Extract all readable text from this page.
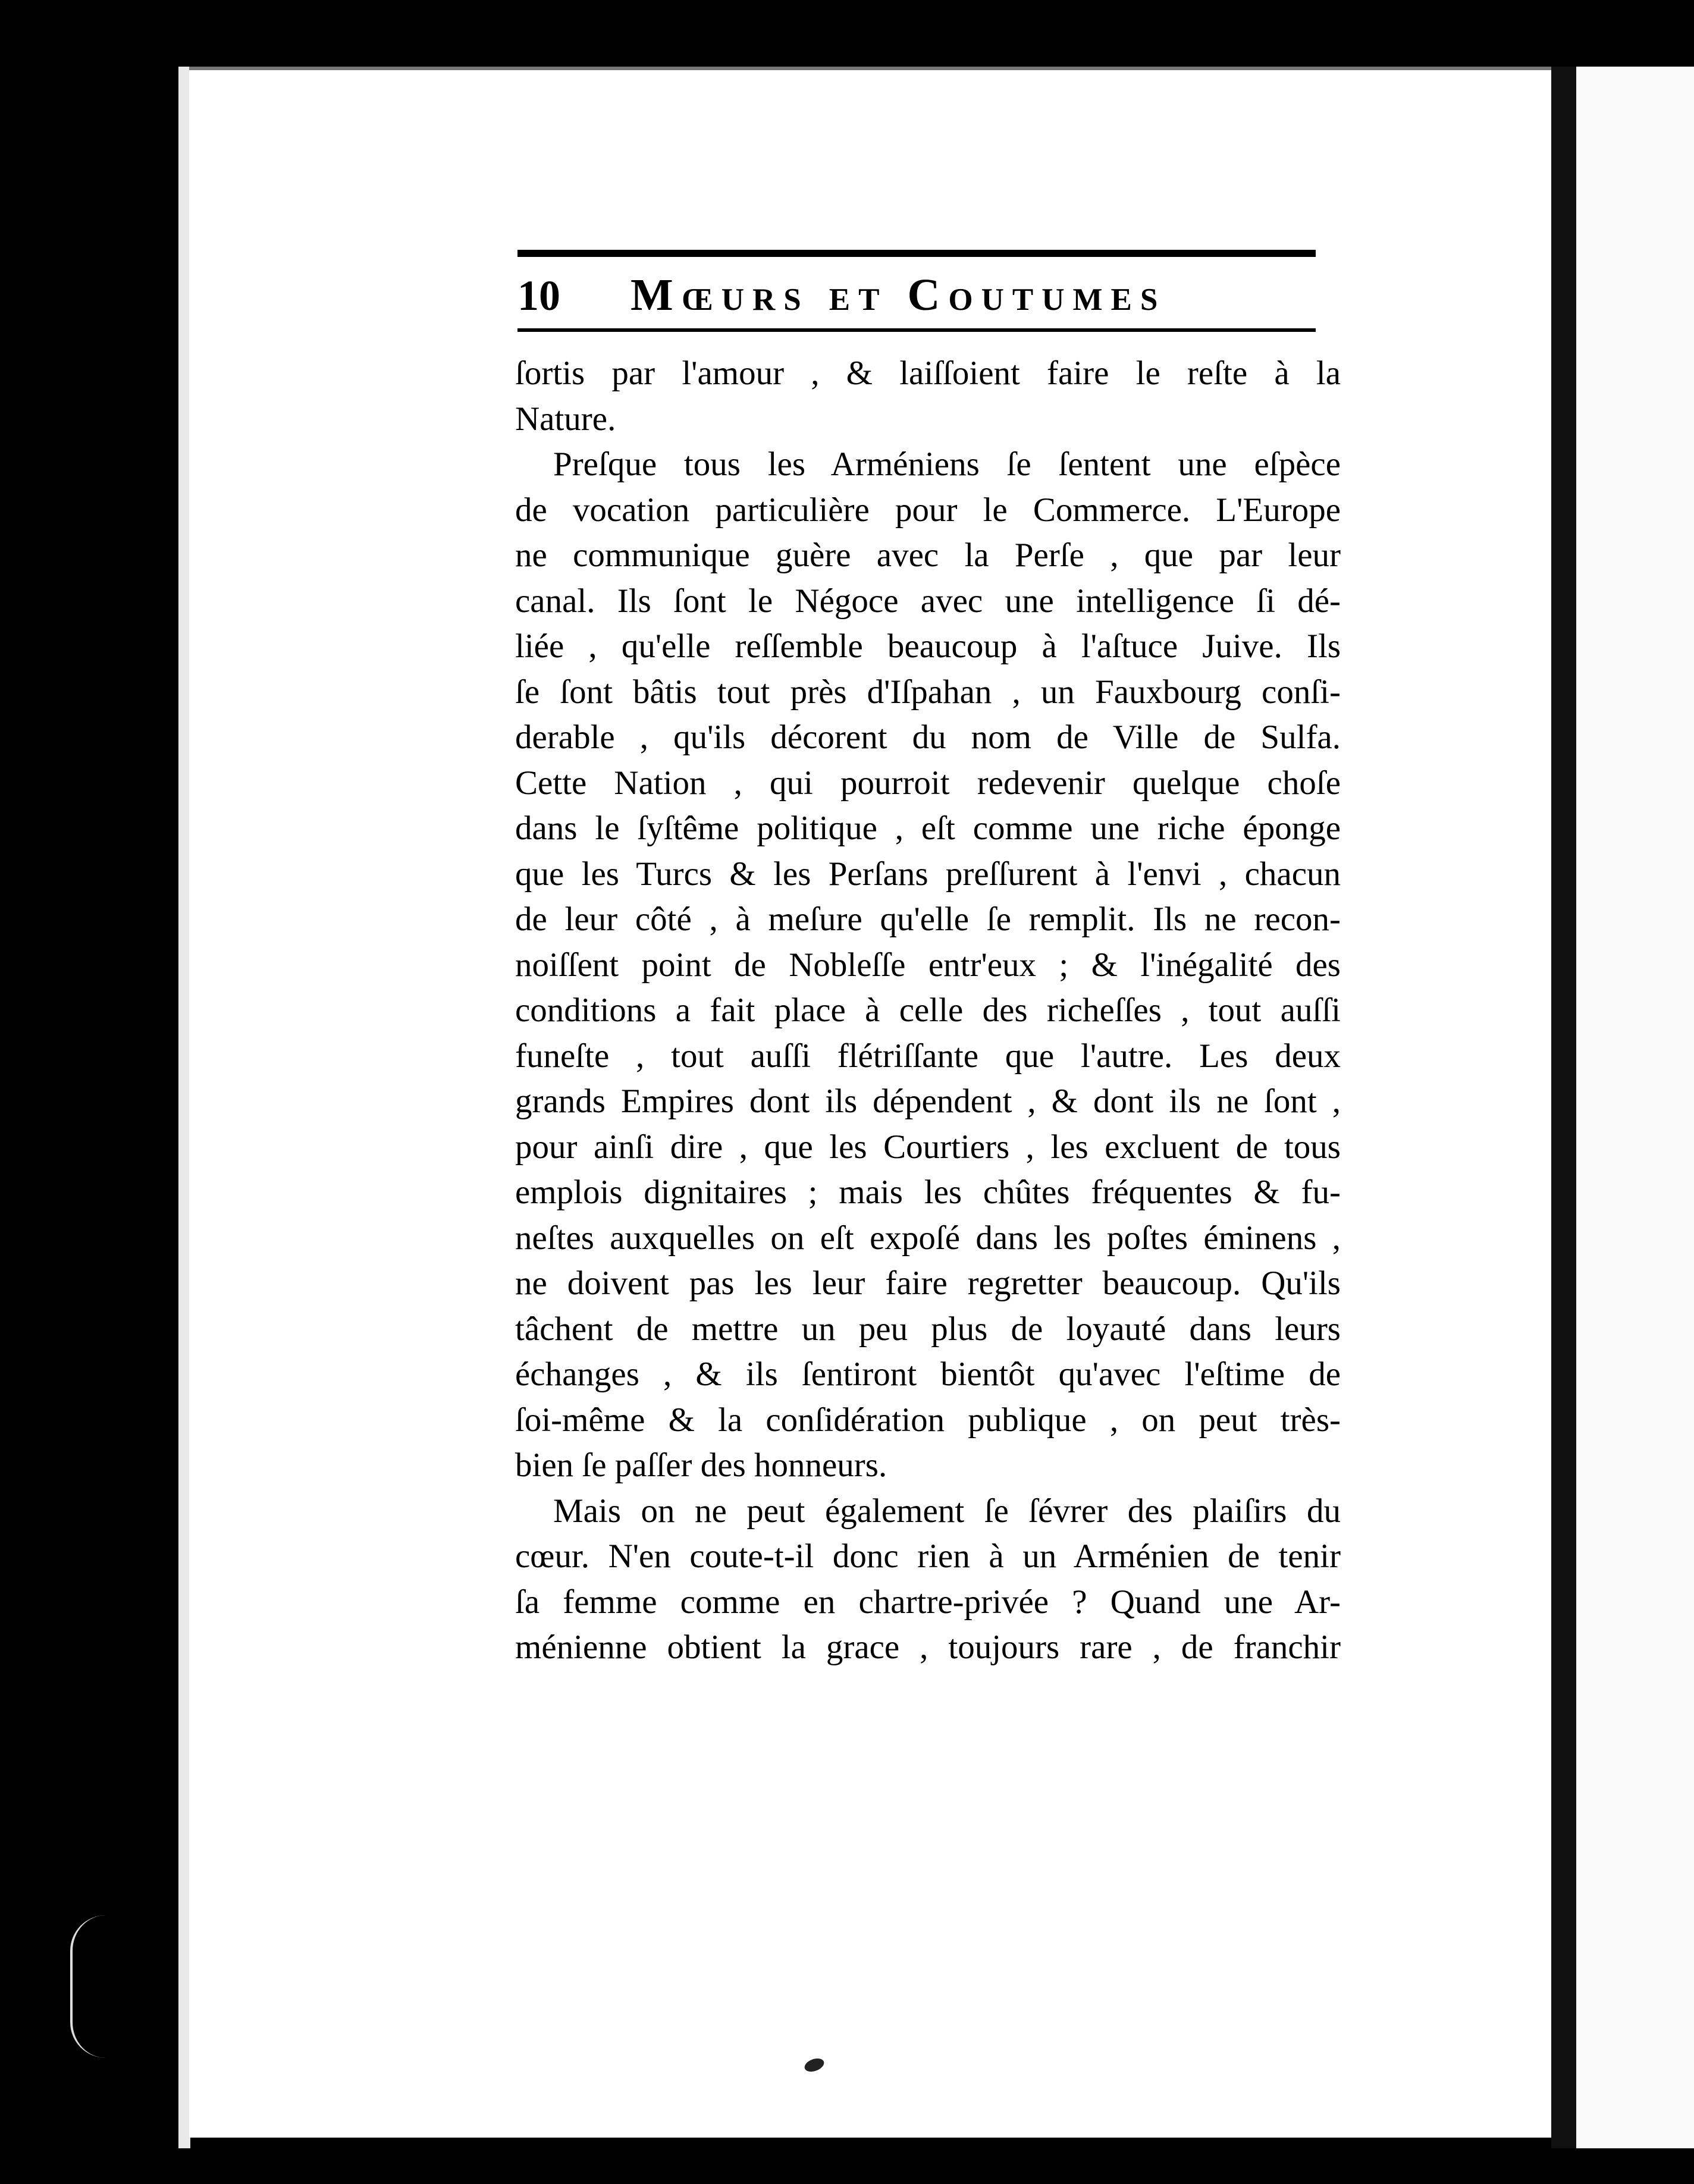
10 Mœurs et Coutumes
ſortis par l'amour , & laiſſoient faire le reſte à la
Nature.
Preſque tous les Arméniens ſe ſentent une eſpèce
de vocation particulière pour le Commerce. L'Europe
ne communique guère avec la Perſe , que par leur
canal. Ils ſont le Négoce avec une intelligence ſi dé-
liée , qu'elle reſſemble beaucoup à l'aſtuce Juive. Ils
ſe ſont bâtis tout près d'Iſpahan , un Fauxbourg conſi-
derable , qu'ils décorent du nom de Ville de Sulfa.
Cette Nation , qui pourroit redevenir quelque choſe
dans le ſyſtême politique , eſt comme une riche éponge
que les Turcs & les Perſans preſſurent à l'envi , chacun
de leur côté , à meſure qu'elle ſe remplit. Ils ne recon-
noiſſent point de Nobleſſe entr'eux ; & l'inégalité des
conditions a fait place à celle des richeſſes , tout auſſi
funeſte , tout auſſi flétriſſante que l'autre. Les deux
grands Empires dont ils dépendent , & dont ils ne ſont ,
pour ainſi dire , que les Courtiers , les excluent de tous
emplois dignitaires ; mais les chûtes fréquentes & fu-
neſtes auxquelles on eſt expoſé dans les poſtes éminens ,
ne doivent pas les leur faire regretter beaucoup. Qu'ils
tâchent de mettre un peu plus de loyauté dans leurs
échanges , & ils ſentiront bientôt qu'avec l'eſtime de
ſoi-même & la conſidération publique , on peut très-
bien ſe paſſer des honneurs.
Mais on ne peut également ſe ſévrer des plaiſirs du
cœur. N'en coute-t-il donc rien à un Arménien de tenir
ſa femme comme en chartre-privée ? Quand une Ar-
ménienne obtient la grace , toujours rare , de franchir
